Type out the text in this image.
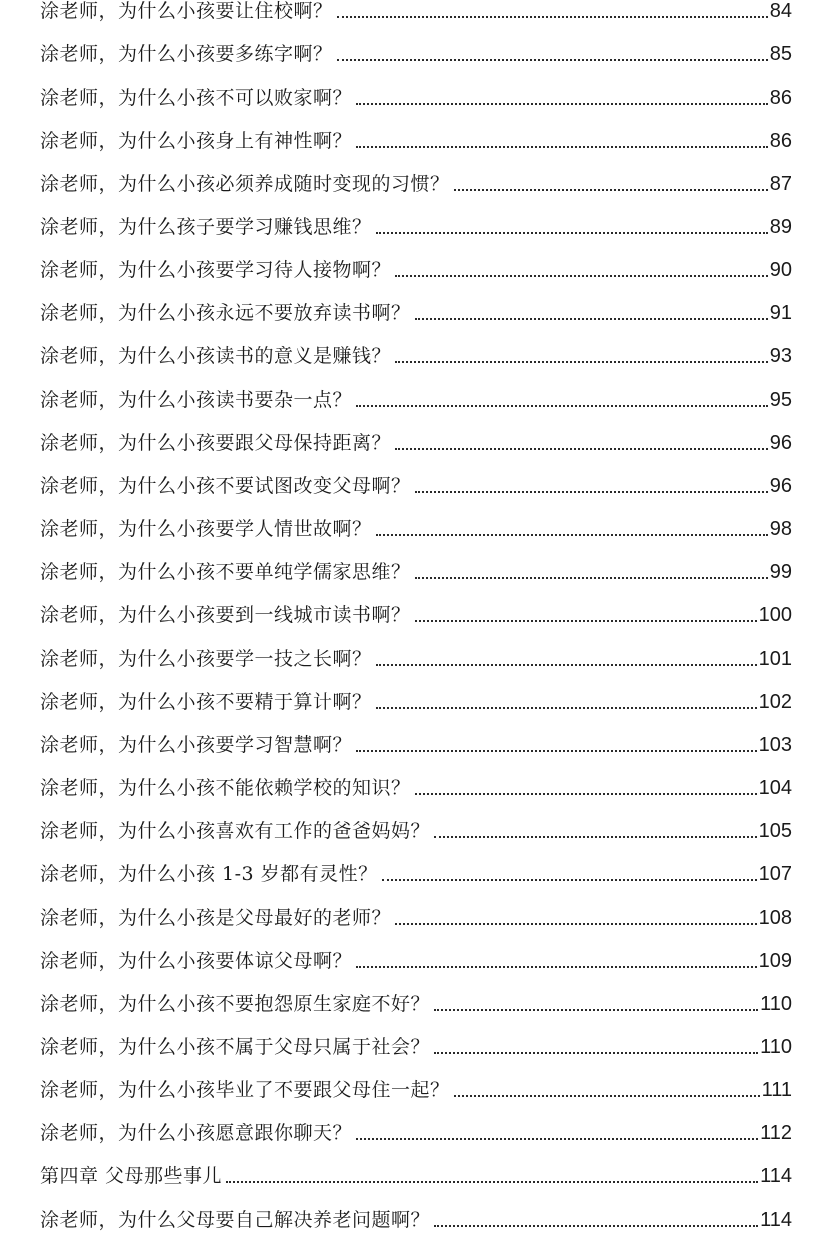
涂老师，为什么小孩要让住校啊？	84
涂老师，为什么小孩要多练字啊？	85
涂老师，为什么小孩不可以败家啊？	86
涂老师，为什么小孩身上有神性啊？	86
涂老师，为什么小孩必须养成随时变现的习惯？	87
涂老师，为什么孩子要学习赚钱思维？	89
涂老师，为什么小孩要学习待人接物啊？	90
涂老师，为什么小孩永远不要放弃读书啊？	91
涂老师，为什么小孩读书的意义是赚钱？	93
涂老师，为什么小孩读书要杂一点？	95
涂老师，为什么小孩要跟父母保持距离？	96
涂老师，为什么小孩不要试图改变父母啊？	96
涂老师，为什么小孩要学人情世故啊？	98
涂老师，为什么小孩不要单纯学儒家思维？	99
涂老师，为什么小孩要到一线城市读书啊？	100
涂老师，为什么小孩要学一技之长啊？	101
涂老师，为什么小孩不要精于算计啊？	102
涂老师，为什么小孩要学习智慧啊？	103
涂老师，为什么小孩不能依赖学校的知识？	104
涂老师，为什么小孩喜欢有工作的爸爸妈妈？	105
涂老师，为什么小孩 1-3 岁都有灵性？	107
涂老师，为什么小孩是父母最好的老师？	108
涂老师，为什么小孩要体谅父母啊？	109
涂老师，为什么小孩不要抱怨原生家庭不好？	110
涂老师，为什么小孩不属于父母只属于社会？	110
涂老师，为什么小孩毕业了不要跟父母住一起？	111
涂老师，为什么小孩愿意跟你聊天？	112
第四章 父母那些事儿	114
涂老师，为什么父母要自己解决养老问题啊？	114
